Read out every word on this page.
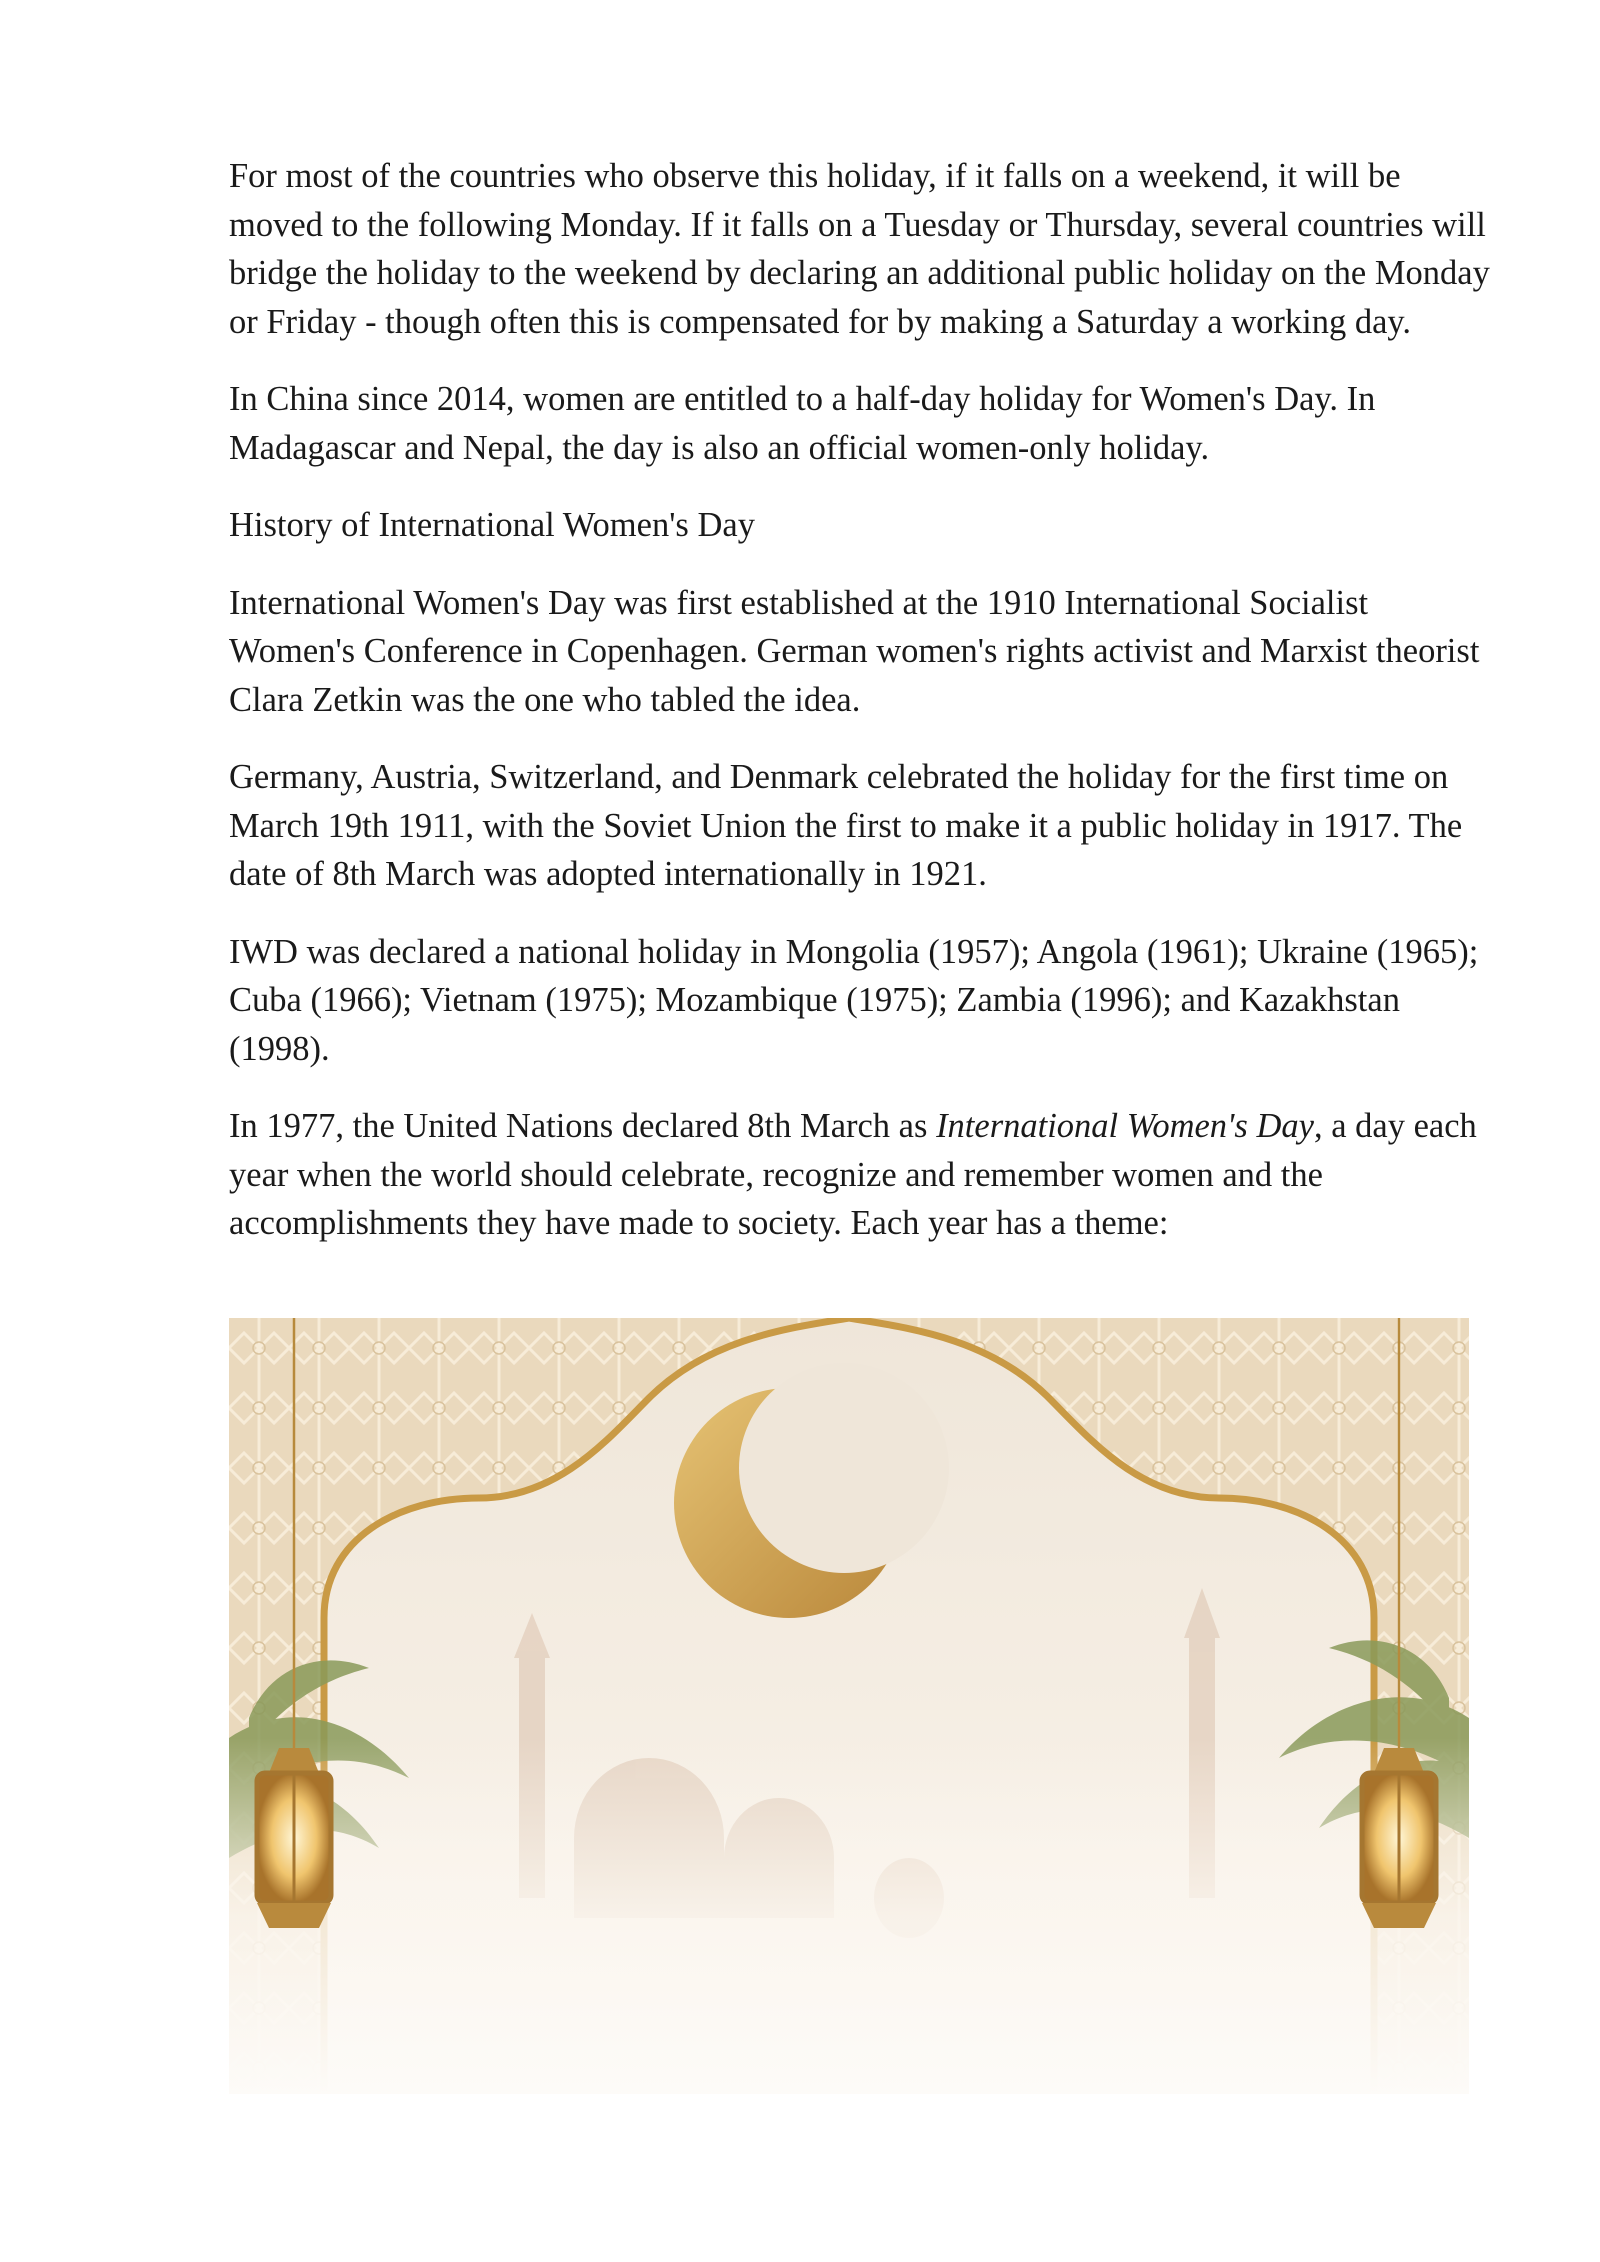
For most of the countries who observe this holiday, if it falls on a weekend, it will be moved to the following Monday. If it falls on a Tuesday or Thursday, several countries will bridge the holiday to the weekend by declaring an additional public holiday on the Monday or Friday - though often this is compensated for by making a Saturday a working day.

In China since 2014, women are entitled to a half-day holiday for Women's Day. In Madagascar and Nepal, the day is also an official women-only holiday.

History of International Women's Day

International Women's Day was first established at the 1910 International Socialist Women's Conference in Copenhagen. German women's rights activist and Marxist theorist Clara Zetkin was the one who tabled the idea.

Germany, Austria, Switzerland, and Denmark celebrated the holiday for the first time on March 19th 1911, with the Soviet Union the first to make it a public holiday in 1917. The date of 8th March was adopted internationally in 1921.

IWD was declared a national holiday in Mongolia (1957); Angola (1961); Ukraine (1965); Cuba (1966); Vietnam (1975); Mozambique (1975); Zambia (1996); and Kazakhstan (1998).

In 1977, the United Nations declared 8th March as International Women's Day, a day each year when the world should celebrate, recognize and remember women and the accomplishments they have made to society. Each year has a theme:
